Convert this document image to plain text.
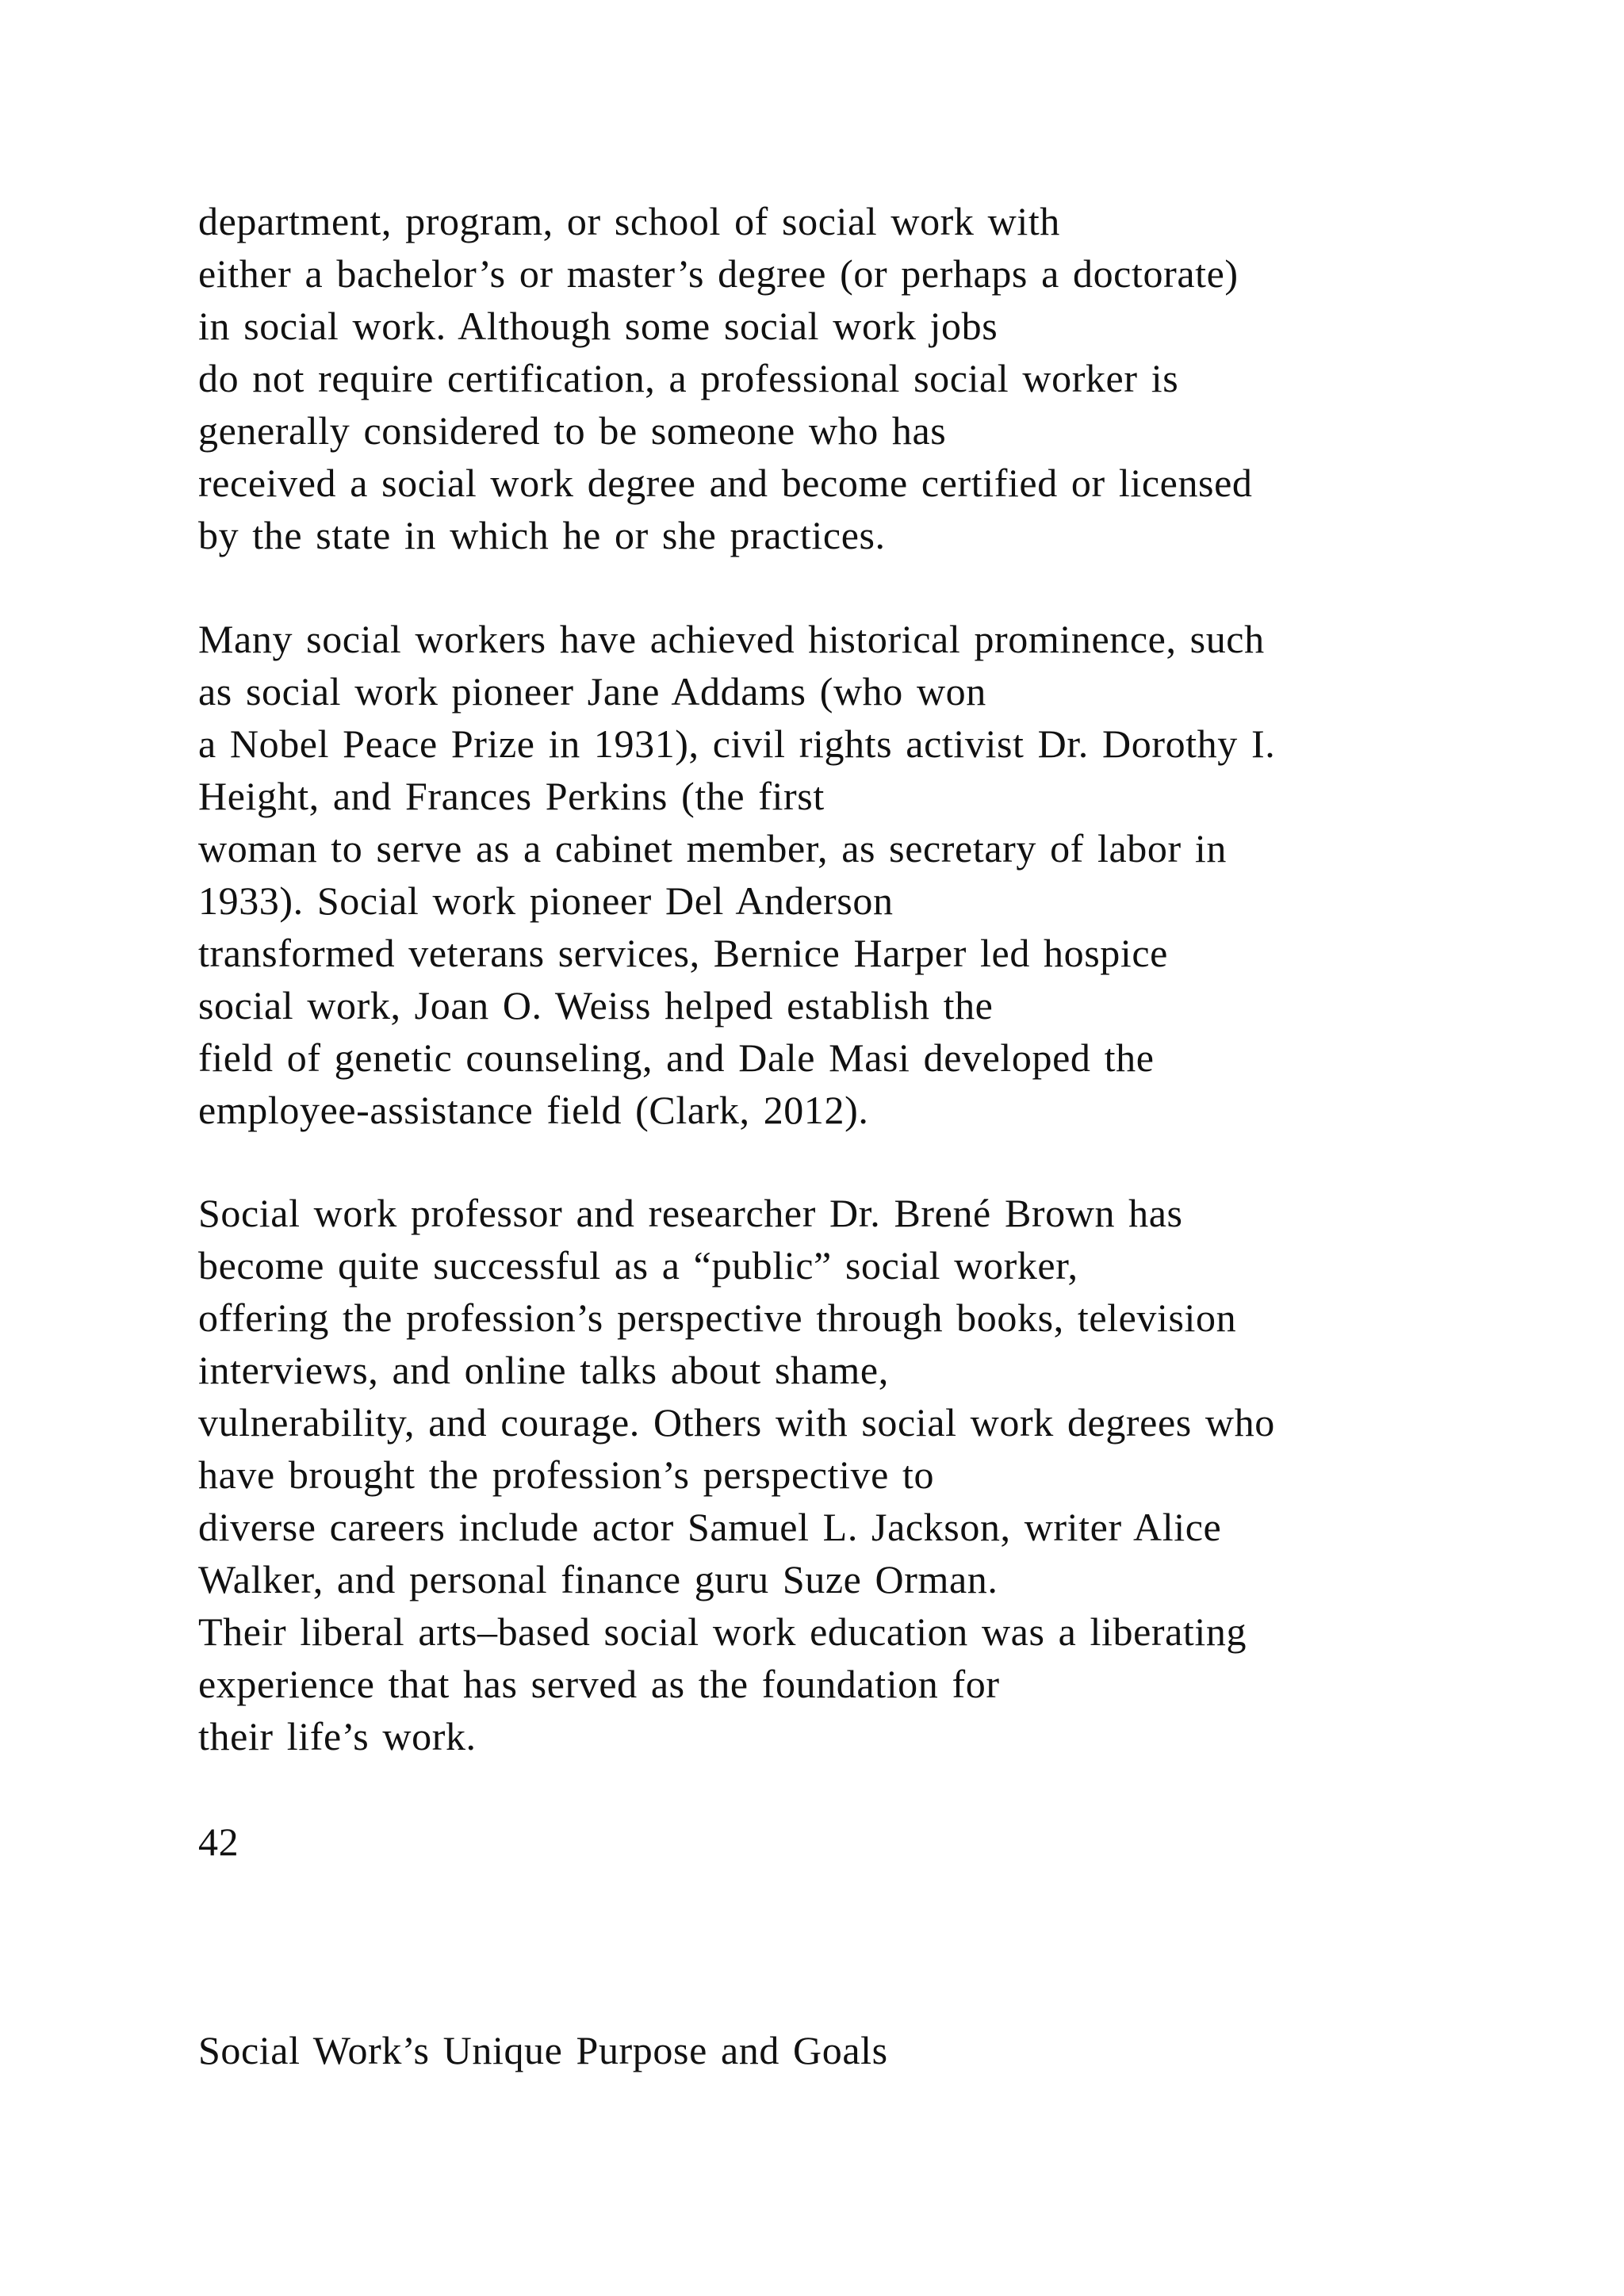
department, program, or school of social work with
either a bachelor’s or master’s degree (or perhaps a doctorate)
in social work. Although some social work jobs
do not require certification, a professional social worker is
generally considered to be someone who has
received a social work degree and become certified or licensed
by the state in which he or she practices.
Many social workers have achieved historical prominence, such
as social work pioneer Jane Addams (who won
a Nobel Peace Prize in 1931), civil rights activist Dr. Dorothy I.
Height, and Frances Perkins (the first
woman to serve as a cabinet member, as secretary of labor in
1933). Social work pioneer Del Anderson
transformed veterans services, Bernice Harper led hospice
social work, Joan O. Weiss helped establish the
field of genetic counseling, and Dale Masi developed the
employee-assistance field (Clark, 2012).
Social work professor and researcher Dr. Brené Brown has
become quite successful as a “public” social worker,
offering the profession’s perspective through books, television
interviews, and online talks about shame,
vulnerability, and courage. Others with social work degrees who
have brought the profession’s perspective to
diverse careers include actor Samuel L. Jackson, writer Alice
Walker, and personal finance guru Suze Orman.
Their liberal arts–based social work education was a liberating
experience that has served as the foundation for
their life’s work.
42
Social Work’s Unique Purpose and Goals
